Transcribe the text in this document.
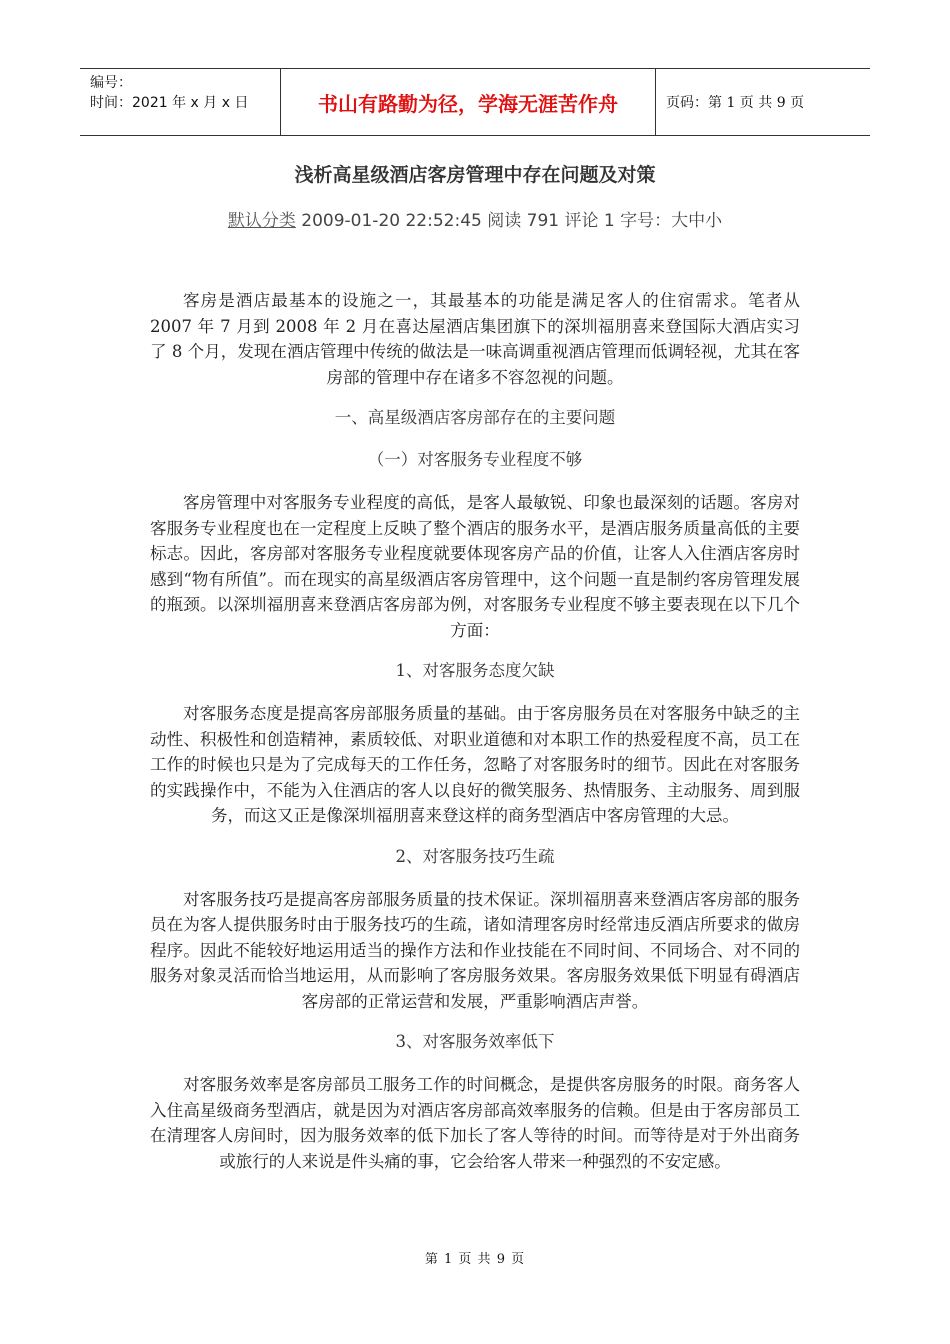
编号：
时间：2021 年 x 月 x 日	书山有路勤为径，学海无涯苦作舟	页码：第 1 页 共 9 页
浅析高星级酒店客房管理中存在问题及对策
默认分类 2009-01-20 22:52:45 阅读 791 评论 1 字号：大中小

客房是酒店最基本的设施之一，其最基本的功能是满足客人的住宿需求。笔者从 2007 年 7 月到 2008 年 2 月在喜达屋酒店集团旗下的深圳福朋喜来登国际大酒店实习了 8 个月，发现在酒店管理中传统的做法是一味高调重视酒店管理而低调轻视，尤其在客房部的管理中存在诸多不容忽视的问题。

一、高星级酒店客房部存在的主要问题
（一）对客服务专业程度不够

客房管理中对客服务专业程度的高低，是客人最敏锐、印象也最深刻的话题。客房对客服务专业程度也在一定程度上反映了整个酒店的服务水平，是酒店服务质量高低的主要标志。因此，客房部对客服务专业程度就要体现客房产品的价值，让客人入住酒店客房时感到“物有所值”。而在现实的高星级酒店客房管理中，这个问题一直是制约客房管理发展的瓶颈。以深圳福朋喜来登酒店客房部为例，对客服务专业程度不够主要表现在以下几个方面：

1、对客服务态度欠缺

对客服务态度是提高客房部服务质量的基础。由于客房服务员在对客服务中缺乏的主动性、积极性和创造精神，素质较低、对职业道德和对本职工作的热爱程度不高，员工在工作的时候也只是为了完成每天的工作任务，忽略了对客服务时的细节。因此在对客服务的实践操作中，不能为入住酒店的客人以良好的微笑服务、热情服务、主动服务、周到服务，而这又正是像深圳福朋喜来登这样的商务型酒店中客房管理的大忌。

2、对客服务技巧生疏

对客服务技巧是提高客房部服务质量的技术保证。深圳福朋喜来登酒店客房部的服务员在为客人提供服务时由于服务技巧的生疏，诸如清理客房时经常违反酒店所要求的做房程序。因此不能较好地运用适当的操作方法和作业技能在不同时间、不同场合、对不同的服务对象灵活而恰当地运用，从而影响了客房服务效果。客房服务效果低下明显有碍酒店客房部的正常运营和发展，严重影响酒店声誉。

3、对客服务效率低下

对客服务效率是客房部员工服务工作的时间概念，是提供客房服务的时限。商务客人入住高星级商务型酒店，就是因为对酒店客房部高效率服务的信赖。但是由于客房部员工在清理客人房间时，因为服务效率的低下加长了客人等待的时间。而等待是对于外出商务或旅行的人来说是件头痛的事，它会给客人带来一种强烈的不安定感。

第 1 页 共 9 页
